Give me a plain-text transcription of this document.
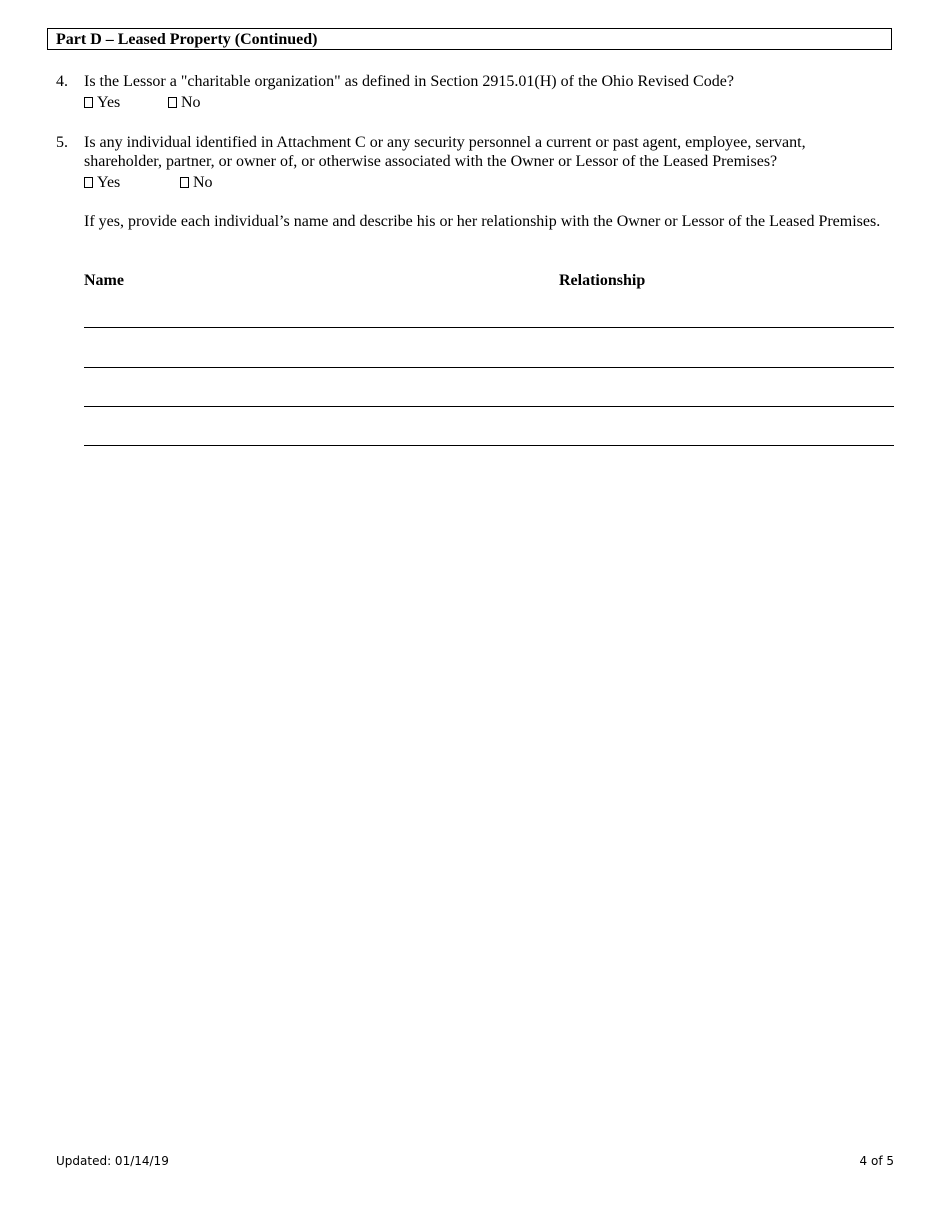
Part D – Leased Property (Continued)
4. Is the Lessor a "charitable organization" as defined in Section 2915.01(H) of the Ohio Revised Code?
Yes	No
5. Is any individual identified in Attachment C or any security personnel a current or past agent, employee, servant, shareholder, partner, or owner of, or otherwise associated with the Owner or Lessor of the Leased Premises?
Yes	No
If yes, provide each individual’s name and describe his or her relationship with the Owner or Lessor of the Leased Premises.
Name	Relationship
Updated: 01/14/19	4 of 5
